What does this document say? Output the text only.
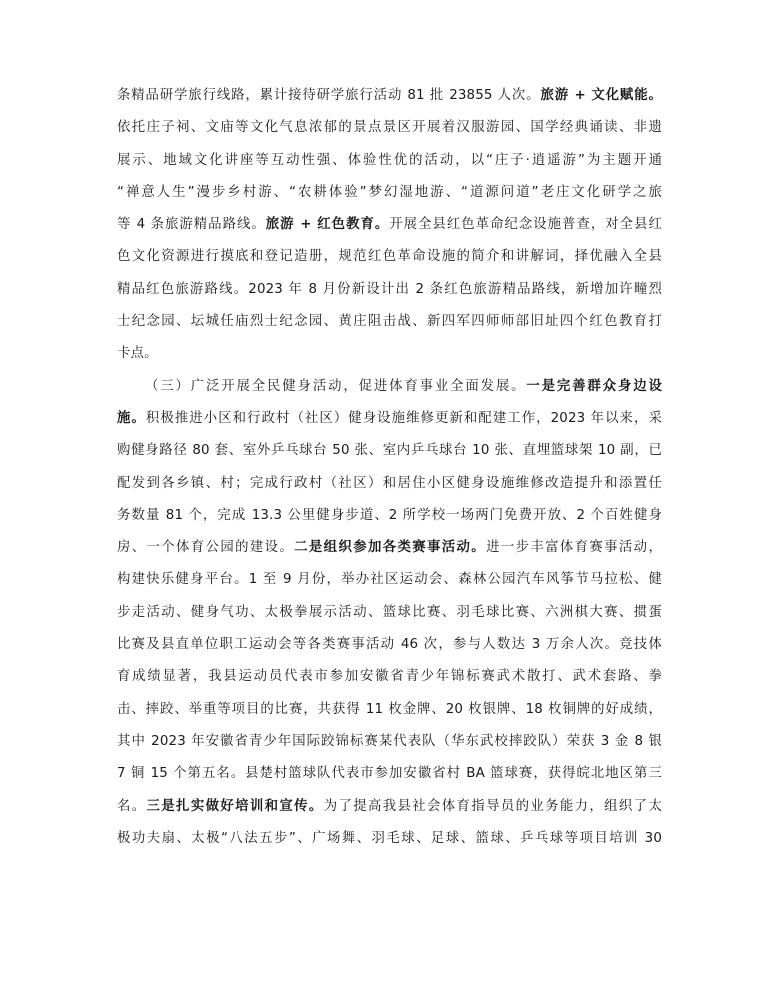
条精品研学旅行线路，累计接待研学旅行活动 81 批 23855 人次。旅游 + 文化赋能。
依托庄子祠、文庙等文化气息浓郁的景点景区开展着汉服游园、国学经典诵读、非遗
展示、地域文化讲座等互动性强、体验性优的活动，以“庄子·逍遥游”为主题开通
“禅意人生”漫步乡村游、“农耕体验”梦幻湿地游、“道源问道”老庄文化研学之旅
等 4 条旅游精品路线。旅游 + 红色教育。开展全县红色革命纪念设施普查，对全县红
色文化资源进行摸底和登记造册，规范红色革命设施的简介和讲解词，择优融入全县
精品红色旅游路线。2023 年 8 月份新设计出 2 条红色旅游精品路线，新增加许疃烈
士纪念园、坛城任庙烈士纪念园、黄庄阻击战、新四军四师师部旧址四个红色教育打
卡点。
（三）广泛开展全民健身活动，促进体育事业全面发展。一是完善群众身边设
施。积极推进小区和行政村（社区）健身设施维修更新和配建工作，2023 年以来，采
购健身路径 80 套、室外乒乓球台 50 张、室内乒乓球台 10 张、直埋篮球架 10 副，已
配发到各乡镇、村；完成行政村（社区）和居住小区健身设施维修改造提升和添置任
务数量 81 个，完成 13.3 公里健身步道、2 所学校一场两门免费开放、2 个百姓健身
房、一个体育公园的建设。二是组织参加各类赛事活动。进一步丰富体育赛事活动，
构建快乐健身平台。1 至 9 月份，举办社区运动会、森林公园汽车风筝节马拉松、健
步走活动、健身气功、太极拳展示活动、篮球比赛、羽毛球比赛、六洲棋大赛、掼蛋
比赛及县直单位职工运动会等各类赛事活动 46 次，参与人数达 3 万余人次。竞技体
育成绩显著，我县运动员代表市参加安徽省青少年锦标赛武术散打、武术套路、拳
击、摔跤、举重等项目的比赛，共获得 11 枚金牌、20 枚银牌、18 枚铜牌的好成绩，
其中 2023 年安徽省青少年国际跤锦标赛某代表队（华东武校摔跤队）荣获 3 金 8 银
7 铜 15 个第五名。县楚村篮球队代表市参加安徽省村 BA 篮球赛，获得皖北地区第三
名。三是扎实做好培训和宣传。为了提高我县社会体育指导员的业务能力，组织了太
极功夫扇、太极“八法五步”、广场舞、羽毛球、足球、篮球、乒乓球等项目培训 30
